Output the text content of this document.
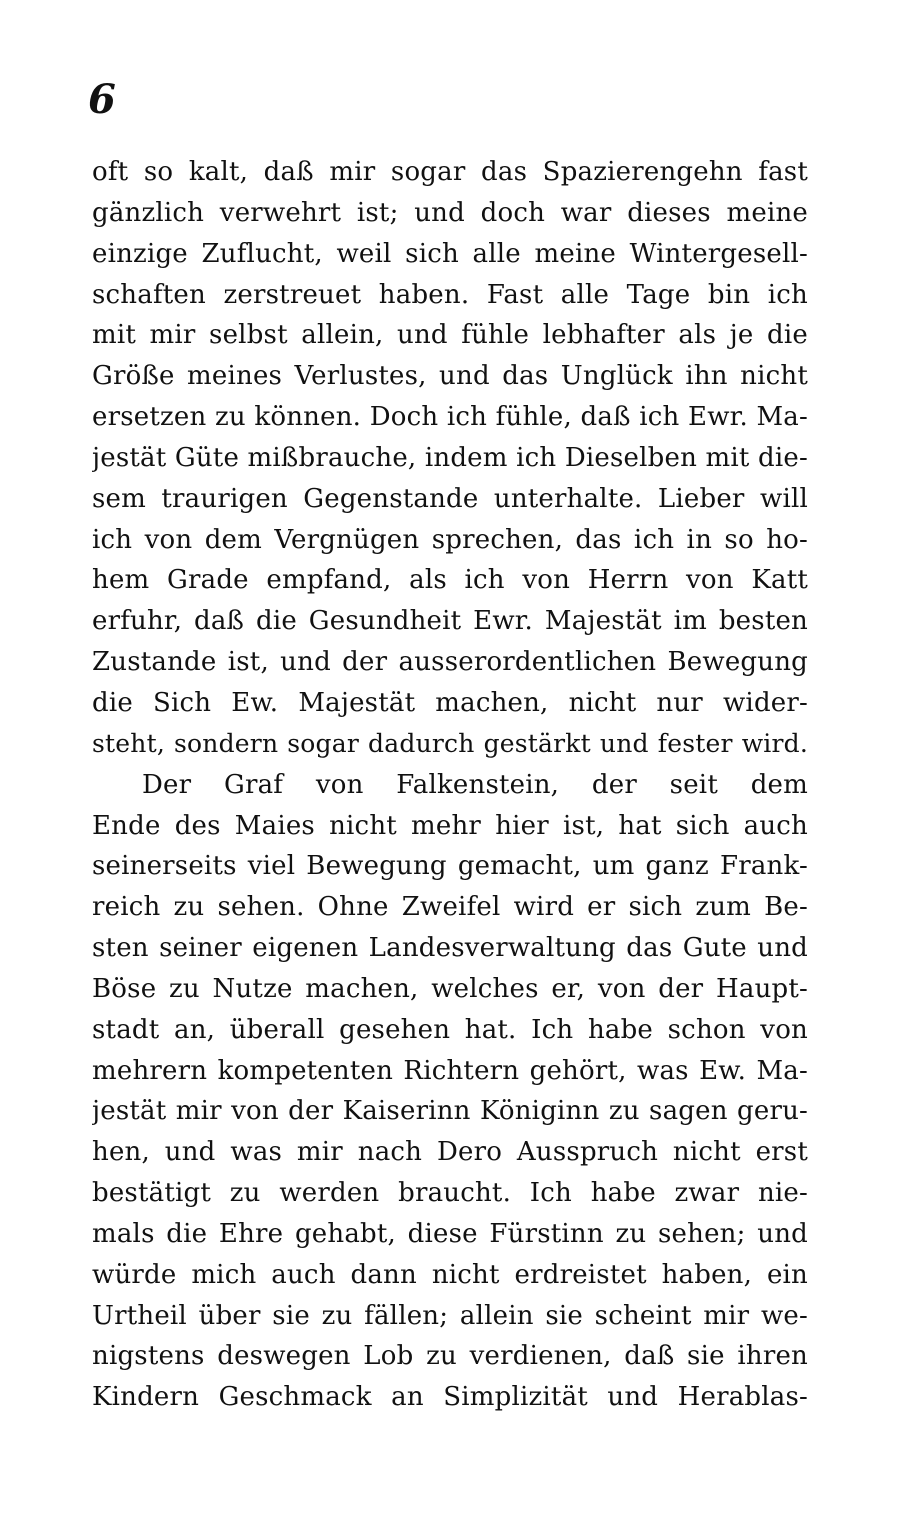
6
oft so kalt, daß mir sogar das Spazierengehn fast
gänzlich verwehrt ist; und doch war dieses meine
einzige Zuflucht, weil sich alle meine Wintergesell-
schaften zerstreuet haben. Fast alle Tage bin ich
mit mir selbst allein, und fühle lebhafter als je die
Größe meines Verlustes, und das Unglück ihn nicht
ersetzen zu können. Doch ich fühle, daß ich Ewr. Ma-
jestät Güte mißbrauche, indem ich Dieselben mit die-
sem traurigen Gegenstande unterhalte. Lieber will
ich von dem Vergnügen sprechen, das ich in so ho-
hem Grade empfand, als ich von Herrn von Katt
erfuhr, daß die Gesundheit Ewr. Majestät im besten
Zustande ist, und der ausserordentlichen Bewegung
die Sich Ew. Majestät machen, nicht nur wider-
steht, sondern sogar dadurch gestärkt und fester wird.
Der Graf von Falkenstein, der seit dem
Ende des Maies nicht mehr hier ist, hat sich auch
seinerseits viel Bewegung gemacht, um ganz Frank-
reich zu sehen. Ohne Zweifel wird er sich zum Be-
sten seiner eigenen Landesverwaltung das Gute und
Böse zu Nutze machen, welches er, von der Haupt-
stadt an, überall gesehen hat. Ich habe schon von
mehrern kompetenten Richtern gehört, was Ew. Ma-
jestät mir von der Kaiserinn Königinn zu sagen geru-
hen, und was mir nach Dero Ausspruch nicht erst
bestätigt zu werden braucht. Ich habe zwar nie-
mals die Ehre gehabt, diese Fürstinn zu sehen; und
würde mich auch dann nicht erdreistet haben, ein
Urtheil über sie zu fällen; allein sie scheint mir we-
nigstens deswegen Lob zu verdienen, daß sie ihren
Kindern Geschmack an Simplizität und Herablas-
